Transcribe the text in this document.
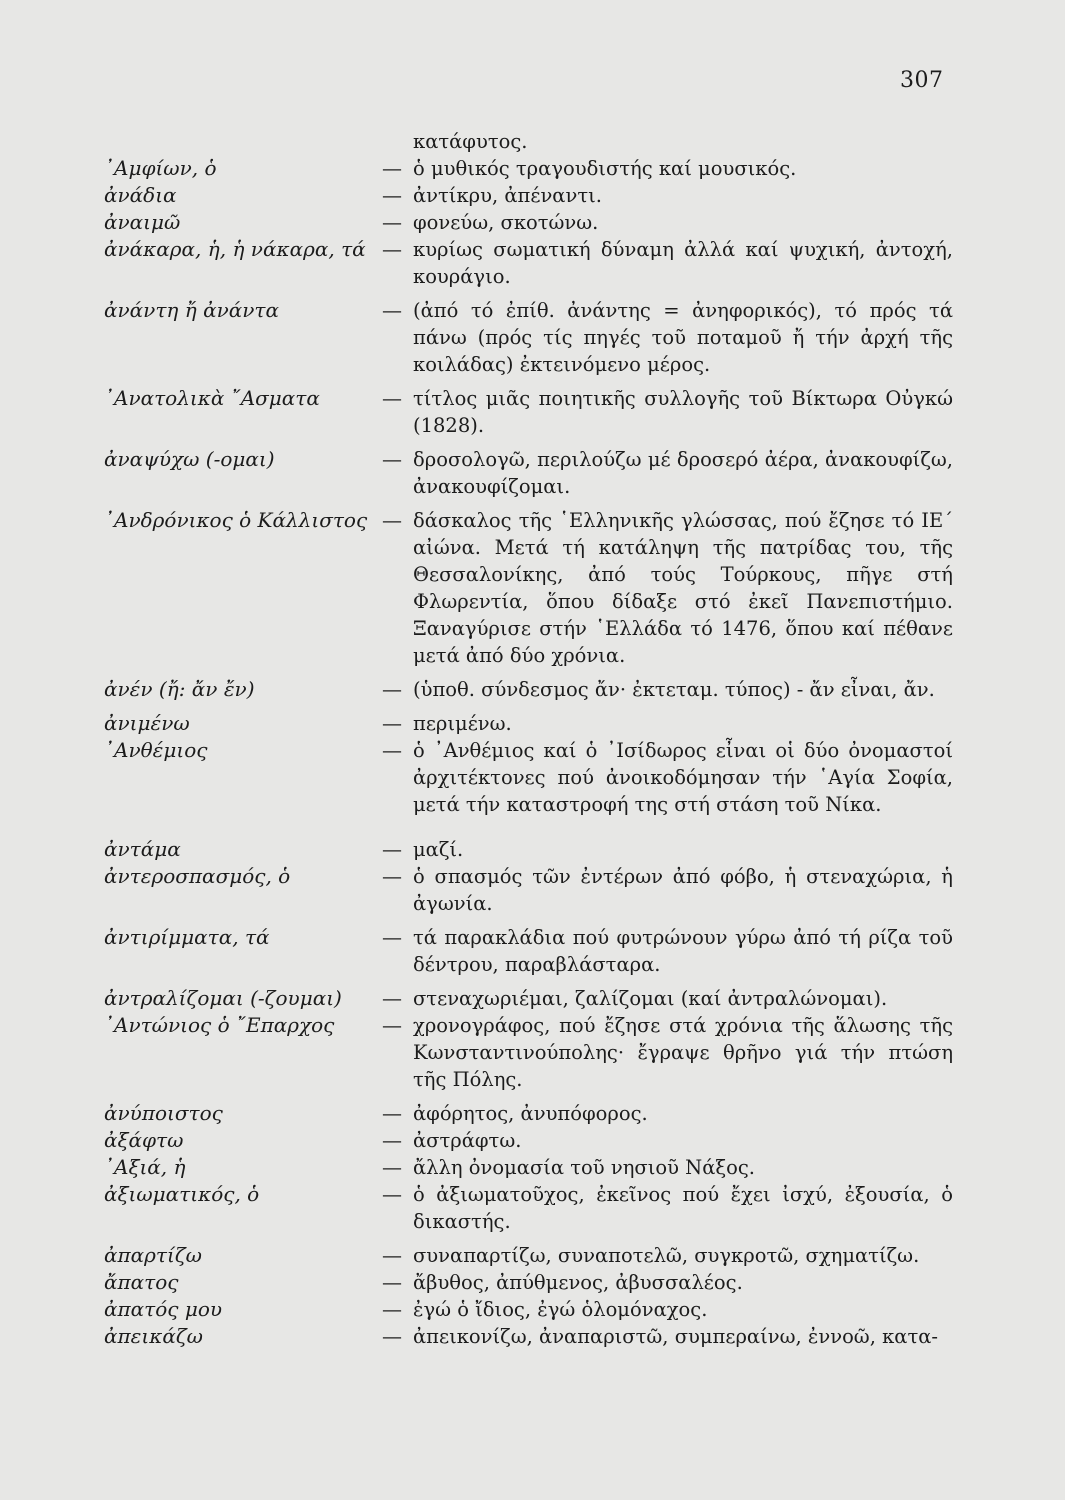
307
κατάφυτος.
᾿Αμφίων, ὁ	— ὁ μυθικός τραγουδιστής καί μουσικός.
ἀνάδια	— ἀντίκρυ, ἀπέναντι.
ἀναιμῶ	— φονεύω, σκοτώνω.
ἀνάκαρα, ἡ, ἡ νάκαρα, τά — κυρίως σωματική δύναμη ἀλλά καί ψυχική, ἀντοχή, κουράγιο.
ἀνάντη ἤ ἀνάντα	— (ἀπό τό ἐπίθ. ἀνάντης = ἀνηφορικός), τό πρός τά πάνω (πρός τίς πηγές τοῦ ποταμοῦ ἤ τήν ἀρχή τῆς κοιλάδας) ἐκτεινόμενο μέρος.
᾿Ανατολικὰ ῎Ασματα	— τίτλος μιᾶς ποιητικῆς συλλογῆς τοῦ Βίκτωρα Οὐγκώ (1828).
ἀναψύχω (-ομαι)	— δροσολογῶ, περιλούζω μέ δροσερό ἀέρα, ἀνακουφίζω, ἀνακουφίζομαι.
᾿Ανδρόνικος ὁ Κάλλιστος — δάσκαλος τῆς ῾Ελληνικῆς γλώσσας, πού ἔζησε τό ΙΕ΄ αἰώνα. Μετά τή κατάληψη τῆς πατρίδας του, τῆς Θεσσαλονίκης, ἀπό τούς Τούρκους, πῆγε στή Φλωρεντία, ὅπου δίδαξε στό ἐκεῖ Πανεπιστήμιο. Ξαναγύρισε στήν ῾Ελλάδα τό 1476, ὅπου καί πέθανε μετά ἀπό δύο χρόνια.
ἀνέν (ἤ: ἄν ἔν)	— (ὑποθ. σύνδεσμος ἄν· ἐκτεταμ. τύπος) - ἄν εἶναι, ἄν.
ἀνιμένω	— περιμένω.
᾿Ανθέμιος	— ὁ ᾿Ανθέμιος καί ὁ ᾿Ισίδωρος εἶναι οἱ δύο ὀνομαστοί ἀρχιτέκτονες πού ἀνοικοδόμησαν τήν ῾Αγία Σοφία, μετά τήν καταστροφή της στή στάση τοῦ Νίκα.
ἀντάμα	— μαζί.
ἀντεροσπασμός, ὁ	— ὁ σπασμός τῶν ἐντέρων ἀπό φόβο, ἡ στεναχώρια, ἡ ἀγωνία.
ἀντιρίμματα, τά	— τά παρακλάδια πού φυτρώνουν γύρω ἀπό τή ρίζα τοῦ δέντρου, παραβλάσταρα.
ἀντραλίζομαι (-ζουμαι) — στεναχωριέμαι, ζαλίζομαι (καί ἀντραλώνομαι).
᾿Αντώνιος ὁ ῎Επαρχος — χρονογράφος, πού ἔζησε στά χρόνια τῆς ἅλωσης τῆς Κωνσταντινούπολης· ἔγραψε θρῆνο γιά τήν πτώση τῆς Πόλης.
ἀνύποιστος	— ἀφόρητος, ἀνυπόφορος.
ἀξάφτω	— ἀστράφτω.
᾿Αξιά, ἡ	— ἄλλη ὀνομασία τοῦ νησιοῦ Νάξος.
ἀξιωματικός, ὁ	— ὁ ἀξιωματοῦχος, ἐκεῖνος πού ἔχει ἰσχύ, ἐξουσία, ὁ δικαστής.
ἀπαρτίζω	— συναπαρτίζω, συναποτελῶ, συγκροτῶ, σχηματίζω.
ἄπατος	— ἄβυθος, ἀπύθμενος, ἀβυσσαλέος.
ἀπατός μου	— ἐγώ ὁ ἴδιος, ἐγώ ὁλομόναχος.
ἀπεικάζω	— ἀπεικονίζω, ἀναπαριστῶ, συμπεραίνω, ἐννοῶ, κατα-
